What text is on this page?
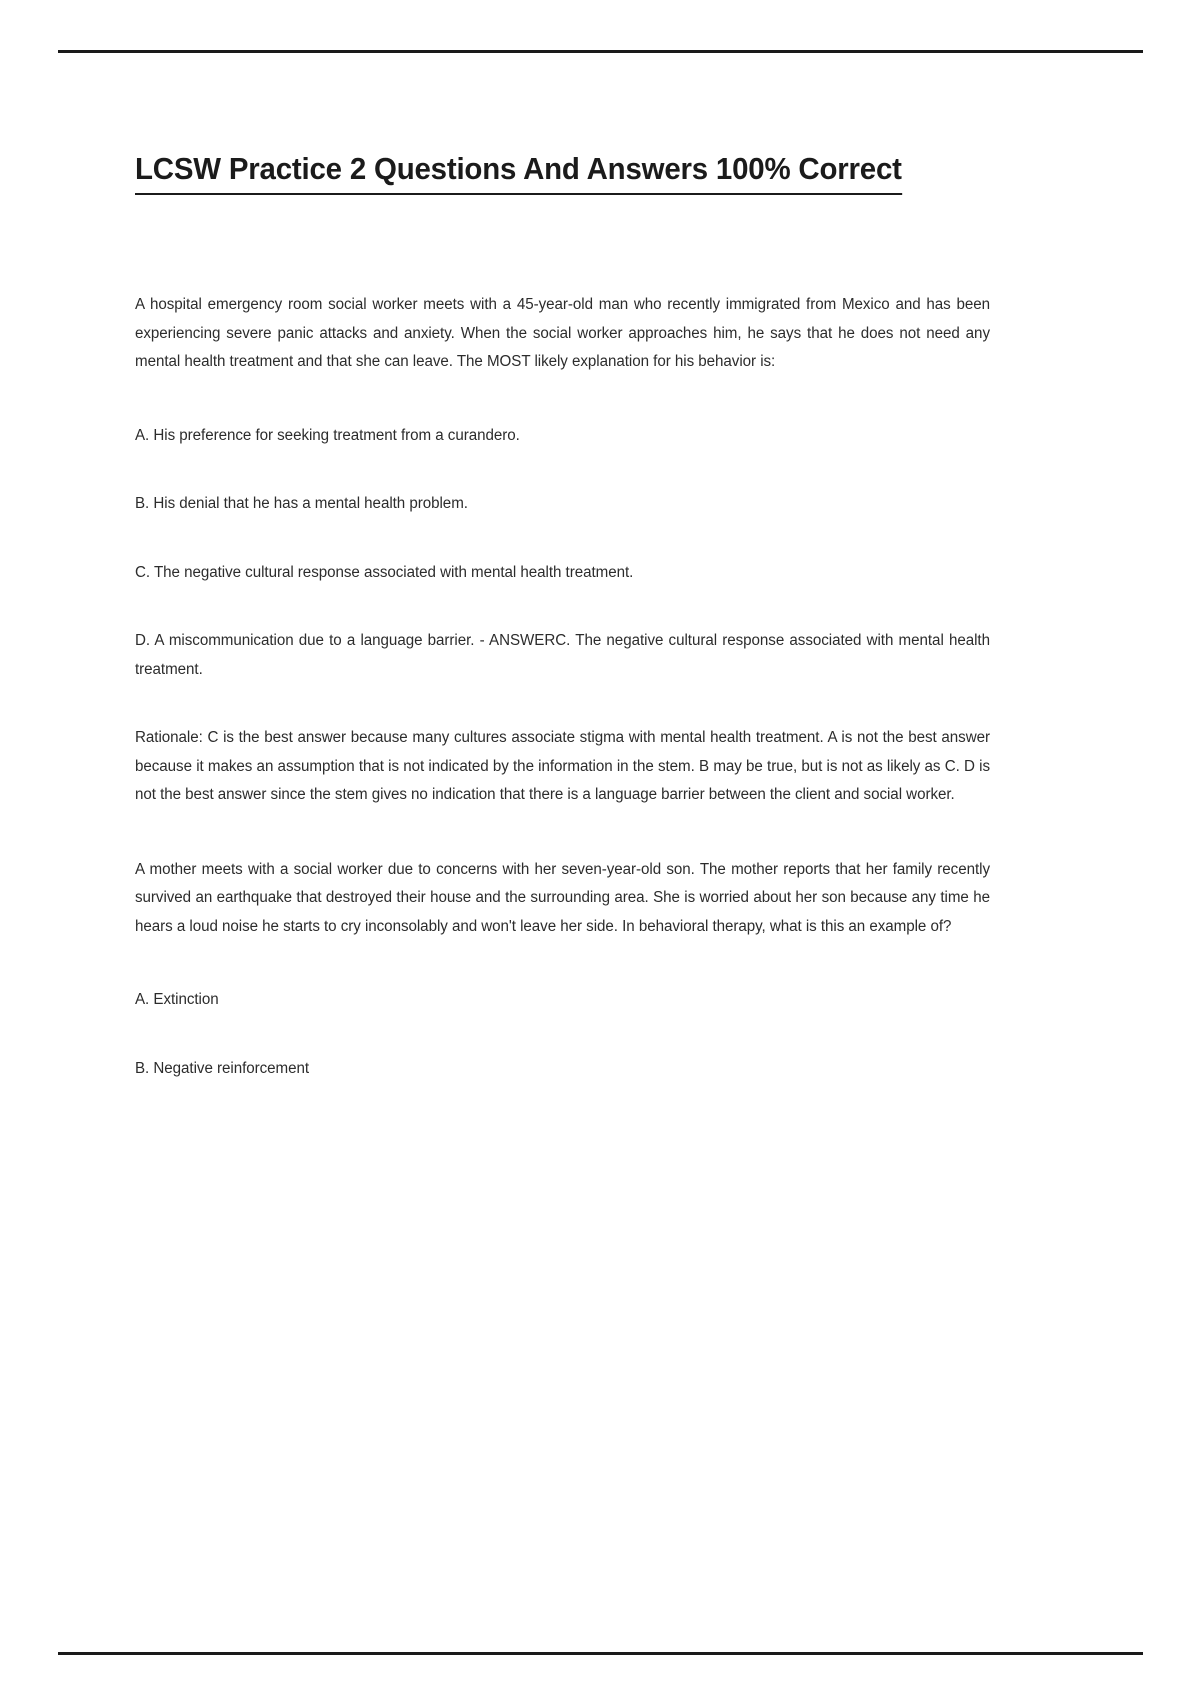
LCSW Practice 2 Questions And Answers 100% Correct

A hospital emergency room social worker meets with a 45-year-old man who recently immigrated from Mexico and has been experiencing severe panic attacks and anxiety. When the social worker approaches him, he says that he does not need any mental health treatment and that she can leave. The MOST likely explanation for his behavior is:

A. His preference for seeking treatment from a curandero.

B. His denial that he has a mental health problem.

C. The negative cultural response associated with mental health treatment.

D. A miscommunication due to a language barrier. - ANSWERC. The negative cultural response associated with mental health treatment.

Rationale: C is the best answer because many cultures associate stigma with mental health treatment. A is not the best answer because it makes an assumption that is not indicated by the information in the stem. B may be true, but is not as likely as C. D is not the best answer since the stem gives no indication that there is a language barrier between the client and social worker.

A mother meets with a social worker due to concerns with her seven-year-old son. The mother reports that her family recently survived an earthquake that destroyed their house and the surrounding area. She is worried about her son because any time he hears a loud noise he starts to cry inconsolably and won't leave her side. In behavioral therapy, what is this an example of?

A. Extinction

B. Negative reinforcement
